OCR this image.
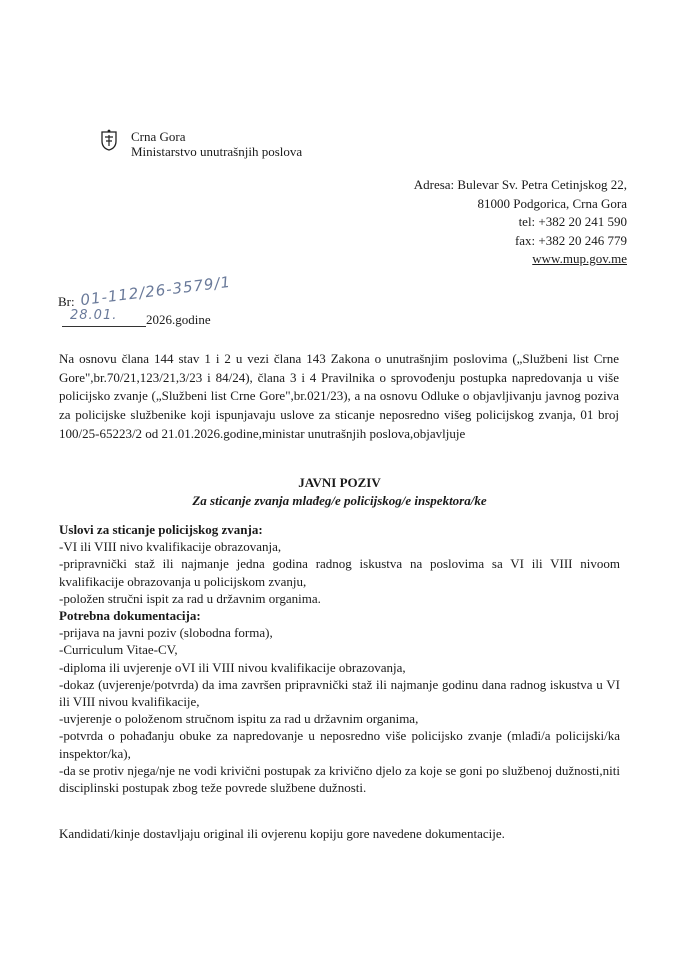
Crna Gora
Ministarstvo unutrašnjih poslova
Adresa: Bulevar Sv. Petra Cetinjskog 22,
81000 Podgorica, Crna Gora
tel: +382 20 241 590
fax: +382 20 246 779
www.mup.gov.me
Br: 01-112/26-3579/1
28.01. 2026.godine

Na osnovu člana 144 stav 1 i 2 u vezi člana 143 Zakona o unutrašnjim poslovima („Službeni list Crne Gore",br.70/21,123/21,3/23 i 84/24), člana 3 i 4 Pravilnika o sprovođenju postupka napredovanja u više policijsko zvanje („Službeni list Crne Gore",br.021/23), a na osnovu Odluke o objavljivanju javnog poziva za policijske službenike koji ispunjavaju uslove za sticanje neposredno višeg policijskog zvanja, 01 broj 100/25-65223/2 od 21.01.2026.godine,ministar unutrašnjih poslova,objavljuje

JAVNI POZIV
Za sticanje zvanja mlađeg/e policijskog/e inspektora/ke
Uslovi za sticanje policijskog zvanja:
-VI ili VIII nivo kvalifikacije obrazovanja,
-pripravnički staž ili najmanje jedna godina radnog iskustva na poslovima sa VI ili VIII nivoom kvalifikacije obrazovanja u policijskom zvanju,
-položen stručni ispit za rad u državnim organima.
Potrebna dokumentacija:
-prijava na javni poziv (slobodna forma),
-Curriculum Vitae-CV,
-diploma ili uvjerenje oVI ili VIII nivou kvalifikacije obrazovanja,
-dokaz (uvjerenje/potvrda) da ima završen pripravnički staž ili najmanje godinu dana radnog iskustva u VI ili VIII nivou kvalifikacije,
-uvjerenje o položenom stručnom ispitu za rad u državnim organima,
-potvrda o pohađanju obuke za napredovanje u neposredno više policijsko zvanje (mlađi/a policijski/ka inspektor/ka),
-da se protiv njega/nje ne vodi krivični postupak za krivično djelo za koje se goni po službenoj dužnosti,niti disciplinski postupak zbog teže povrede službene dužnosti.
Kandidati/kinje dostavljaju original ili ovjerenu kopiju gore navedene dokumentacije.
